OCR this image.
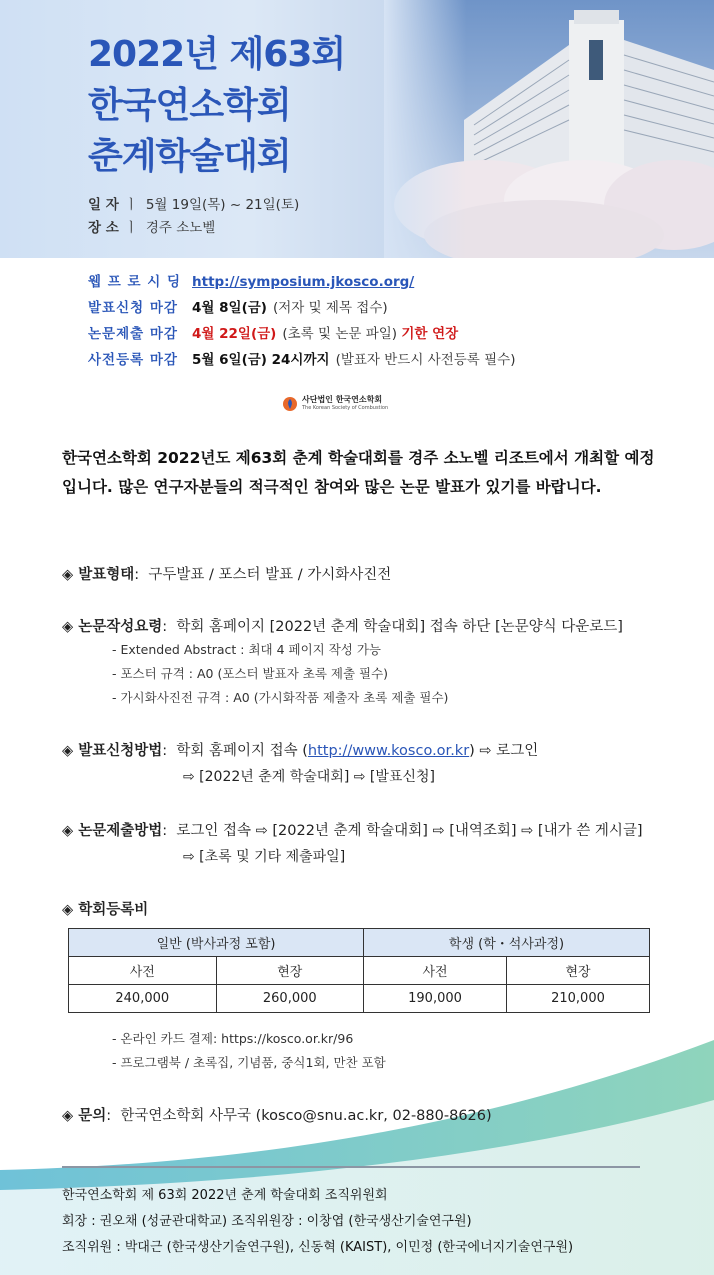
2022년 제63회
한국연소학회
춘계학술대회
일 자 ㅣ 5월 19일(목) ~ 21일(토)
장 소 ㅣ 경주 소노벨
웹 프 로 시 딩 http://symposium.jkosco.org/
발표신청 마감 4월 8일(금) (저자 및 제목 접수)
논문제출 마감 4월 22일(금) (초록 및 논문 파일) 기한 연장
사전등록 마감 5월 6일(금) 24시까지 (발표자 반드시 사전등록 필수)
사단법인 한국연소학회
The Korean Society of Combustion
한국연소학회 2022년도 제63회 춘계 학술대회를 경주 소노벨 리조트에서 개최할 예정입니다. 많은 연구자분들의 적극적인 참여와 많은 논문 발표가 있기를 바랍니다.
◈ 발표형태:  구두발표 / 포스터 발표 / 가시화사진전
◈ 논문작성요령:  학회 홈페이지 [2022년 춘계 학술대회] 접속 하단 [논문양식 다운로드]
- Extended Abstract : 최대 4 페이지 작성 가능
- 포스터 규격 : A0 (포스터 발표자 초록 제출 필수)
- 가시화사진전 규격 : A0 (가시화작품 제출자 초록 제출 필수)
◈ 발표신청방법:  학회 홈페이지 접속 (http://www.kosco.or.kr) ⇨ 로그인
⇨ [2022년 춘계 학술대회] ⇨ [발표신청]
◈ 논문제출방법:  로그인 접속 ⇨ [2022년 춘계 학술대회] ⇨ [내역조회] ⇨ [내가 쓴 게시글]
⇨ [초록 및 기타 제출파일]
◈ 학회등록비
일반 (박사과정 포함)		학생 (학・석사과정)	
사전	현장	사전	현장
240,000	260,000	190,000	210,000
- 온라인 카드 결제: https://kosco.or.kr/96
- 프로그램북 / 초록집, 기념품, 중식1회, 만찬 포함
◈ 문의:  한국연소학회 사무국 (kosco@snu.ac.kr, 02-880-8626)
한국연소학회 제 63회 2022년 춘계 학술대회 조직위원회
회장 : 권오채 (성균관대학교) 조직위원장 : 이창엽 (한국생산기술연구원)
조직위원 : 박대근 (한국생산기술연구원), 신동혁 (KAIST), 이민정 (한국에너지기술연구원)
